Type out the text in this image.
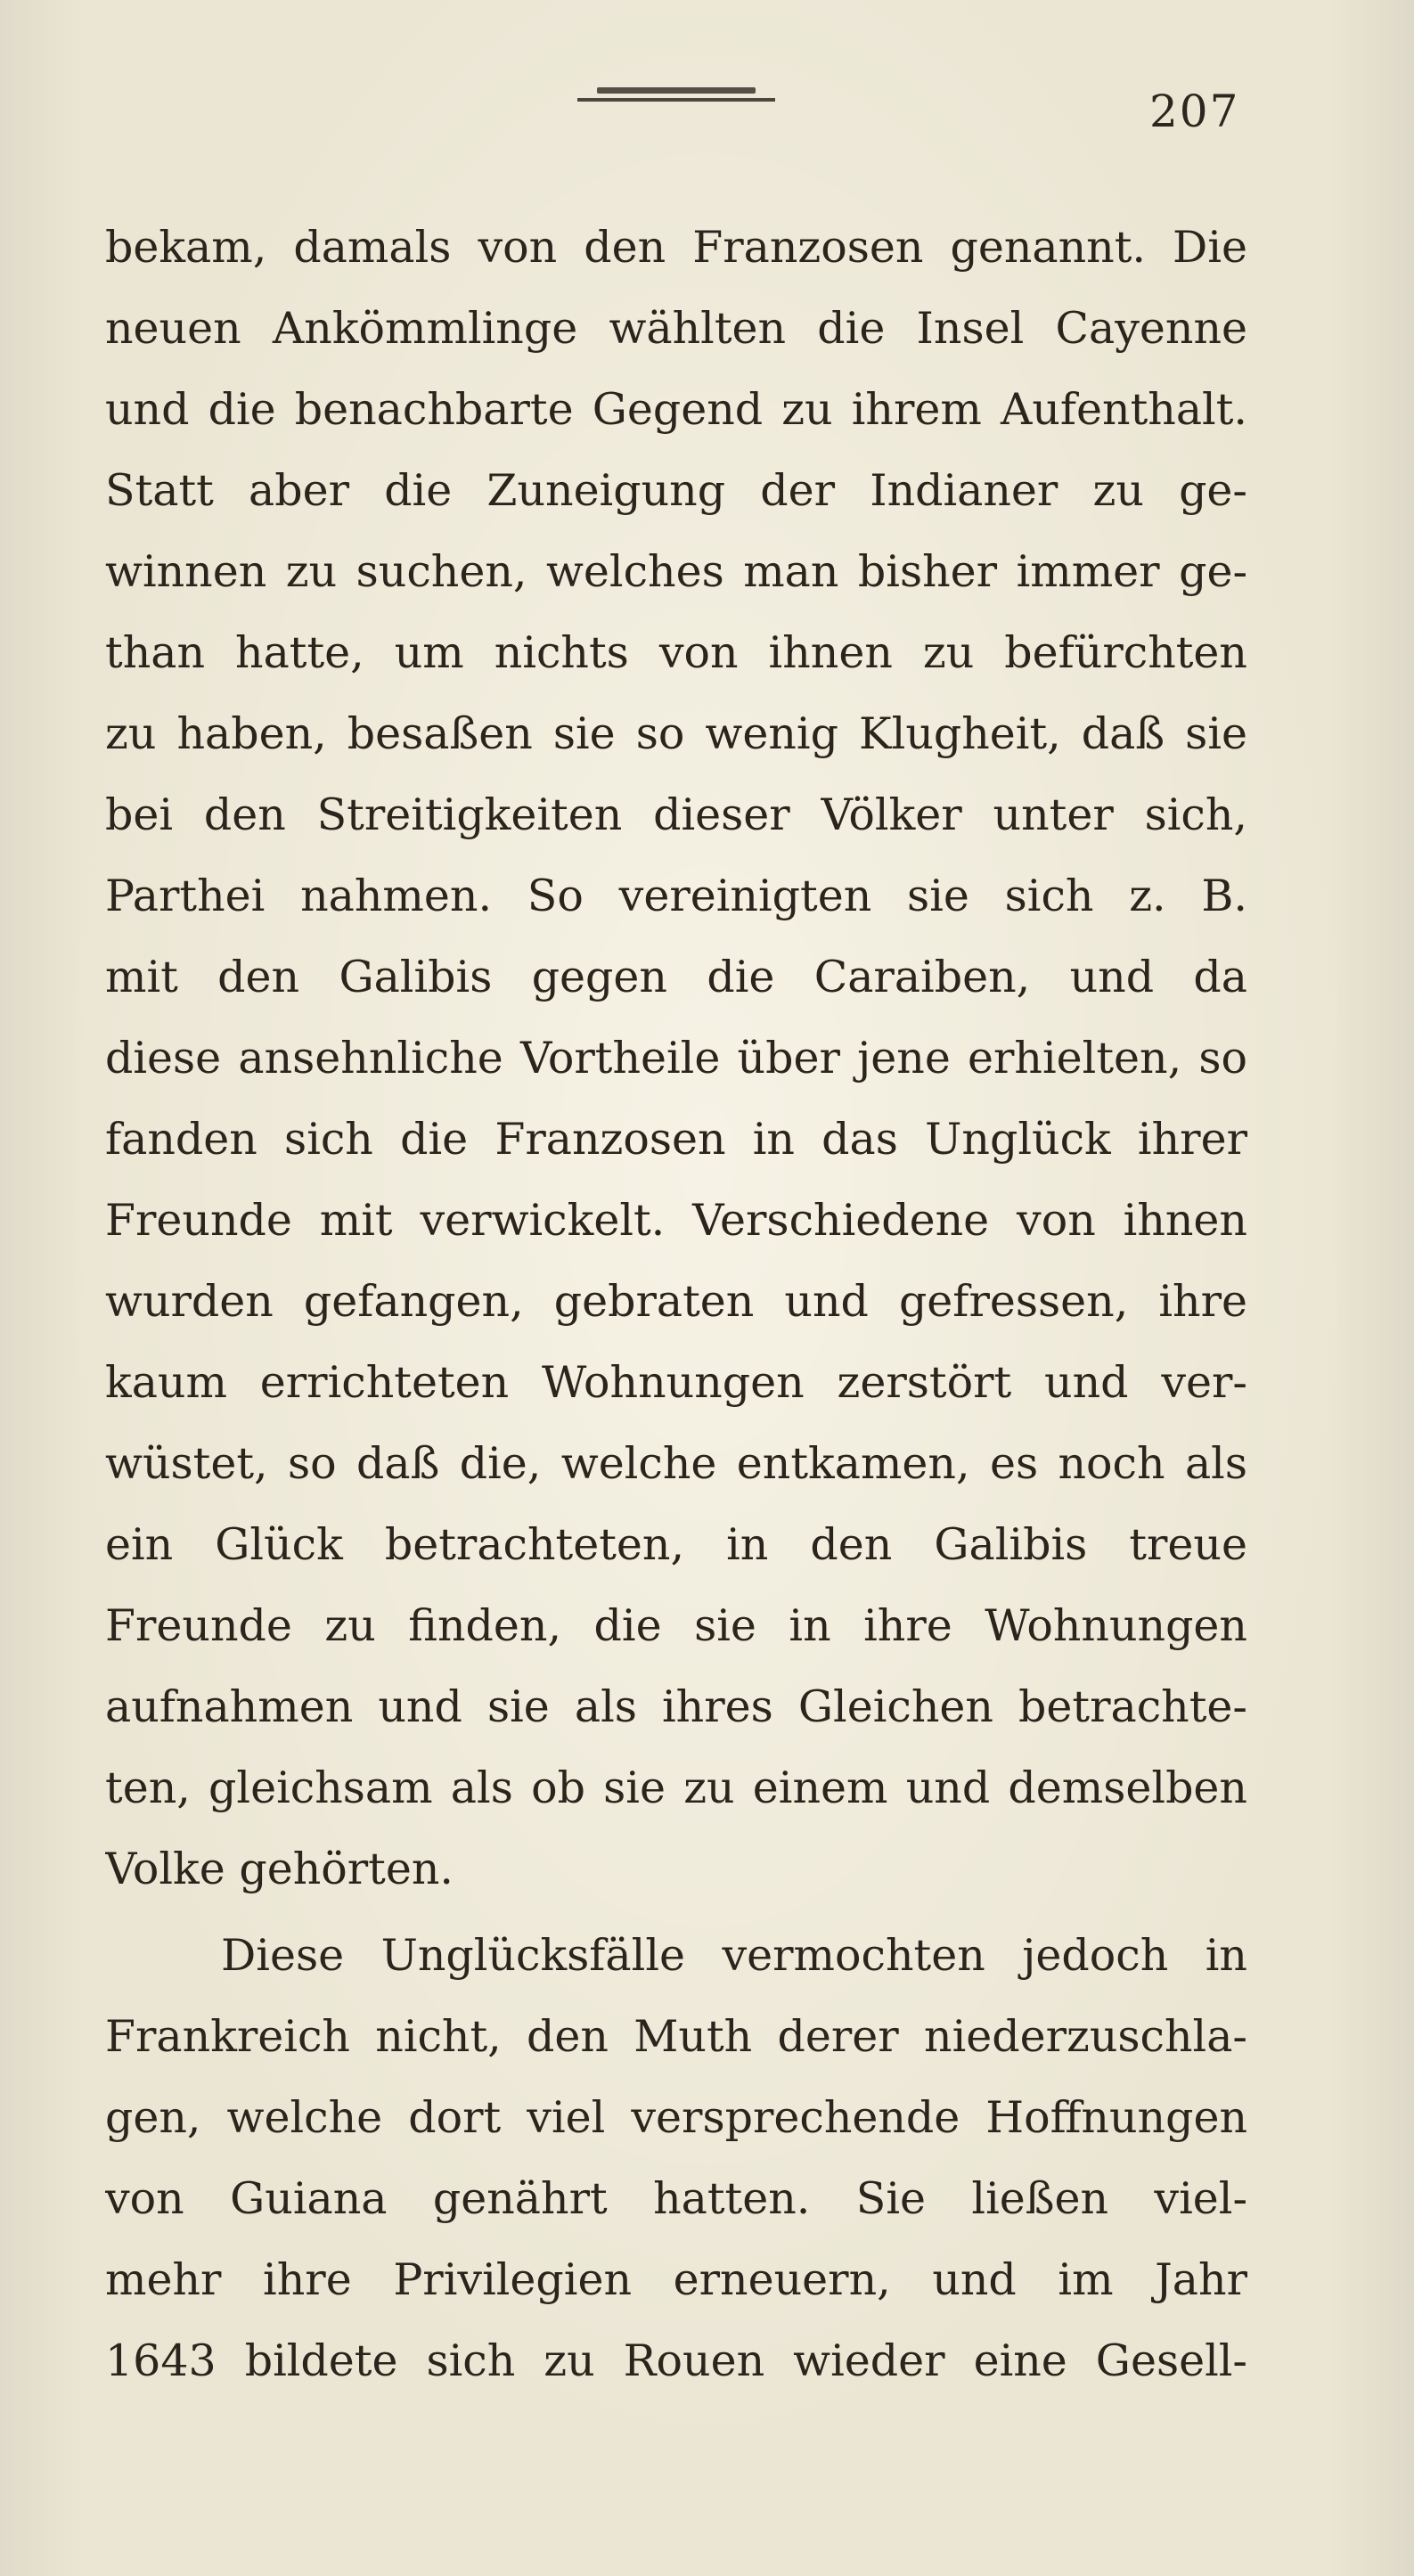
207
bekam, damals von den Franzosen genannt. Die
neuen Ankömmlinge wählten die Insel Cayenne
und die benachbarte Gegend zu ihrem Aufenthalt.
Statt aber die Zuneigung der Indianer zu ge-
winnen zu suchen, welches man bisher immer ge-
than hatte, um nichts von ihnen zu befürchten
zu haben, besaßen sie so wenig Klugheit, daß sie
bei den Streitigkeiten dieser Völker unter sich,
Parthei nahmen. So vereinigten sie sich z. B.
mit den Galibis gegen die Caraiben, und da
diese ansehnliche Vortheile über jene erhielten, so
fanden sich die Franzosen in das Unglück ihrer
Freunde mit verwickelt. Verschiedene von ihnen
wurden gefangen, gebraten und gefressen, ihre
kaum errichteten Wohnungen zerstört und ver-
wüstet, so daß die, welche entkamen, es noch als
ein Glück betrachteten, in den Galibis treue
Freunde zu finden, die sie in ihre Wohnungen
aufnahmen und sie als ihres Gleichen betrachte-
ten, gleichsam als ob sie zu einem und demselben
Volke gehörten.
Diese Unglücksfälle vermochten jedoch in
Frankreich nicht, den Muth derer niederzuschla-
gen, welche dort viel versprechende Hoffnungen
von Guiana genährt hatten. Sie ließen viel-
mehr ihre Privilegien erneuern, und im Jahr
1643 bildete sich zu Rouen wieder eine Gesell-
